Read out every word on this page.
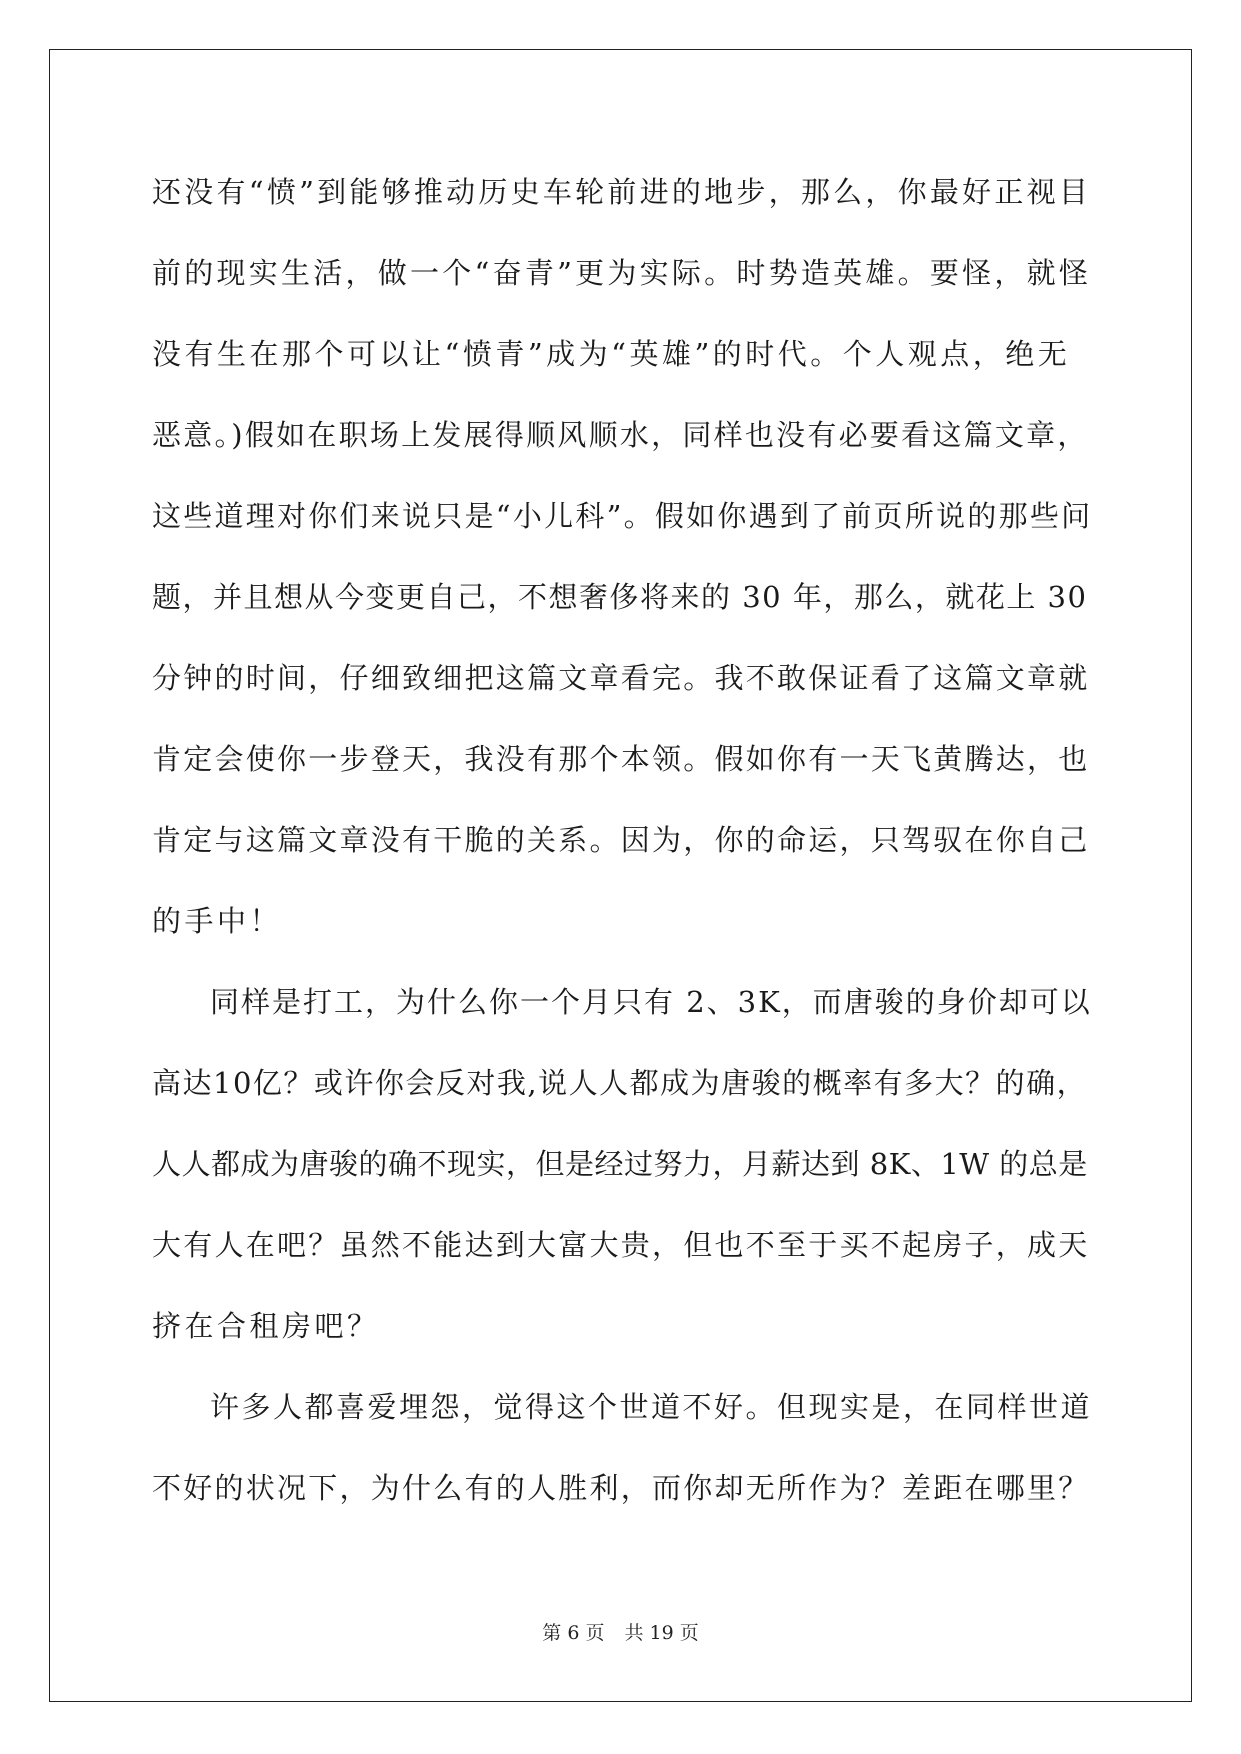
还没有“愤”到能够推动历史车轮前进的地步，那么，你最好正视目
前的现实生活，做一个“奋青”更为实际。时势造英雄。要怪，就怪
没有生在那个可以让“愤青”成为“英雄”的时代。个人观点，绝无
恶意。)假如在职场上发展得顺风顺水，同样也没有必要看这篇文章，
这些道理对你们来说只是“小儿科”。假如你遇到了前页所说的那些问
题，并且想从今变更自己，不想奢侈将来的 30 年，那么，就花上 30
分钟的时间，仔细致细把这篇文章看完。我不敢保证看了这篇文章就
肯定会使你一步登天，我没有那个本领。假如你有一天飞黄腾达，也
肯定与这篇文章没有干脆的关系。因为，你的命运，只驾驭在你自己
的手中！
同样是打工，为什么你一个月只有 2、3K，而唐骏的身价却可以
高达10亿？或许你会反对我,说人人都成为唐骏的概率有多大？的确，
人人都成为唐骏的确不现实，但是经过努力，月薪达到 8K、1W 的总是
大有人在吧？虽然不能达到大富大贵，但也不至于买不起房子，成天
挤在合租房吧？
许多人都喜爱埋怨，觉得这个世道不好。但现实是，在同样世道
不好的状况下，为什么有的人胜利，而你却无所作为？差距在哪里？
第 6 页 共 19 页
